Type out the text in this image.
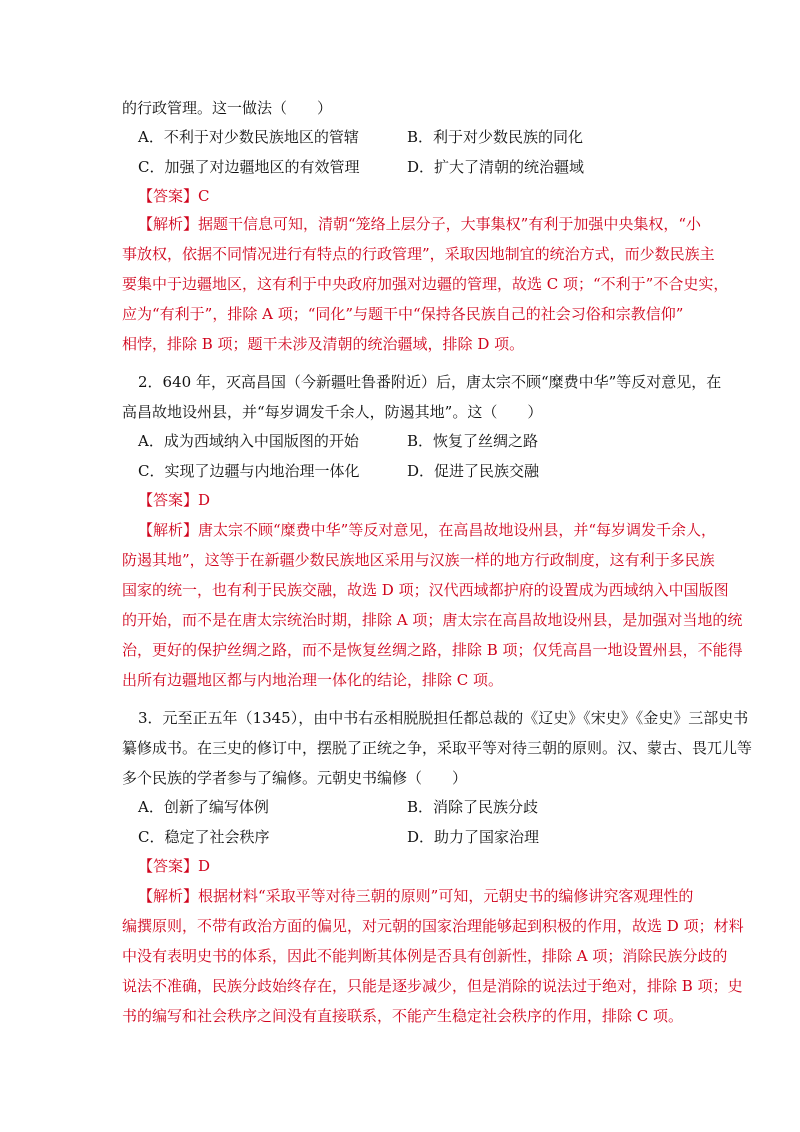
的行政管理。这一做法（　　）
A．不利于对少数民族地区的管辖	B．利于对少数民族的同化
C．加强了对边疆地区的有效管理	D．扩大了清朝的统治疆域
【答案】C
【解析】据题干信息可知，清朝“笼络上层分子，大事集权”有利于加强中央集权，“小
事放权，依据不同情况进行有特点的行政管理”，采取因地制宜的统治方式，而少数民族主
要集中于边疆地区，这有利于中央政府加强对边疆的管理，故选 C 项；“不利于”不合史实，
应为“有利于”，排除 A 项；“同化”与题干中“保持各民族自己的社会习俗和宗教信仰”
相悖，排除 B 项；题干未涉及清朝的统治疆域，排除 D 项。
2．640 年，灭高昌国（今新疆吐鲁番附近）后，唐太宗不顾“糜费中华”等反对意见，在
高昌故地设州县，并“每岁调发千余人，防遏其地”。这（　　）
A．成为西域纳入中国版图的开始	B．恢复了丝绸之路
C．实现了边疆与内地治理一体化	D．促进了民族交融
【答案】D
【解析】唐太宗不顾“糜费中华”等反对意见，在高昌故地设州县，并“每岁调发千余人，
防遏其地”，这等于在新疆少数民族地区采用与汉族一样的地方行政制度，这有利于多民族
国家的统一，也有利于民族交融，故选 D 项；汉代西域都护府的设置成为西域纳入中国版图
的开始，而不是在唐太宗统治时期，排除 A 项；唐太宗在高昌故地设州县，是加强对当地的统
治，更好的保护丝绸之路，而不是恢复丝绸之路，排除 B 项；仅凭高昌一地设置州县，不能得
出所有边疆地区都与内地治理一体化的结论，排除 C 项。
3．元至正五年（1345），由中书右丞相脱脱担任都总裁的《辽史》《宋史》《金史》三部史书
纂修成书。在三史的修订中，摆脱了正统之争，采取平等对待三朝的原则。汉、蒙古、畏兀儿等
多个民族的学者参与了编修。元朝史书编修（　　）
A．创新了编写体例	B．消除了民族分歧
C．稳定了社会秩序	D．助力了国家治理
【答案】D
【解析】根据材料“采取平等对待三朝的原则”可知，元朝史书的编修讲究客观理性的
编撰原则，不带有政治方面的偏见，对元朝的国家治理能够起到积极的作用，故选 D 项；材料
中没有表明史书的体系，因此不能判断其体例是否具有创新性，排除 A 项；消除民族分歧的
说法不准确，民族分歧始终存在，只能是逐步减少，但是消除的说法过于绝对，排除 B 项；史
书的编写和社会秩序之间没有直接联系，不能产生稳定社会秩序的作用，排除 C 项。
